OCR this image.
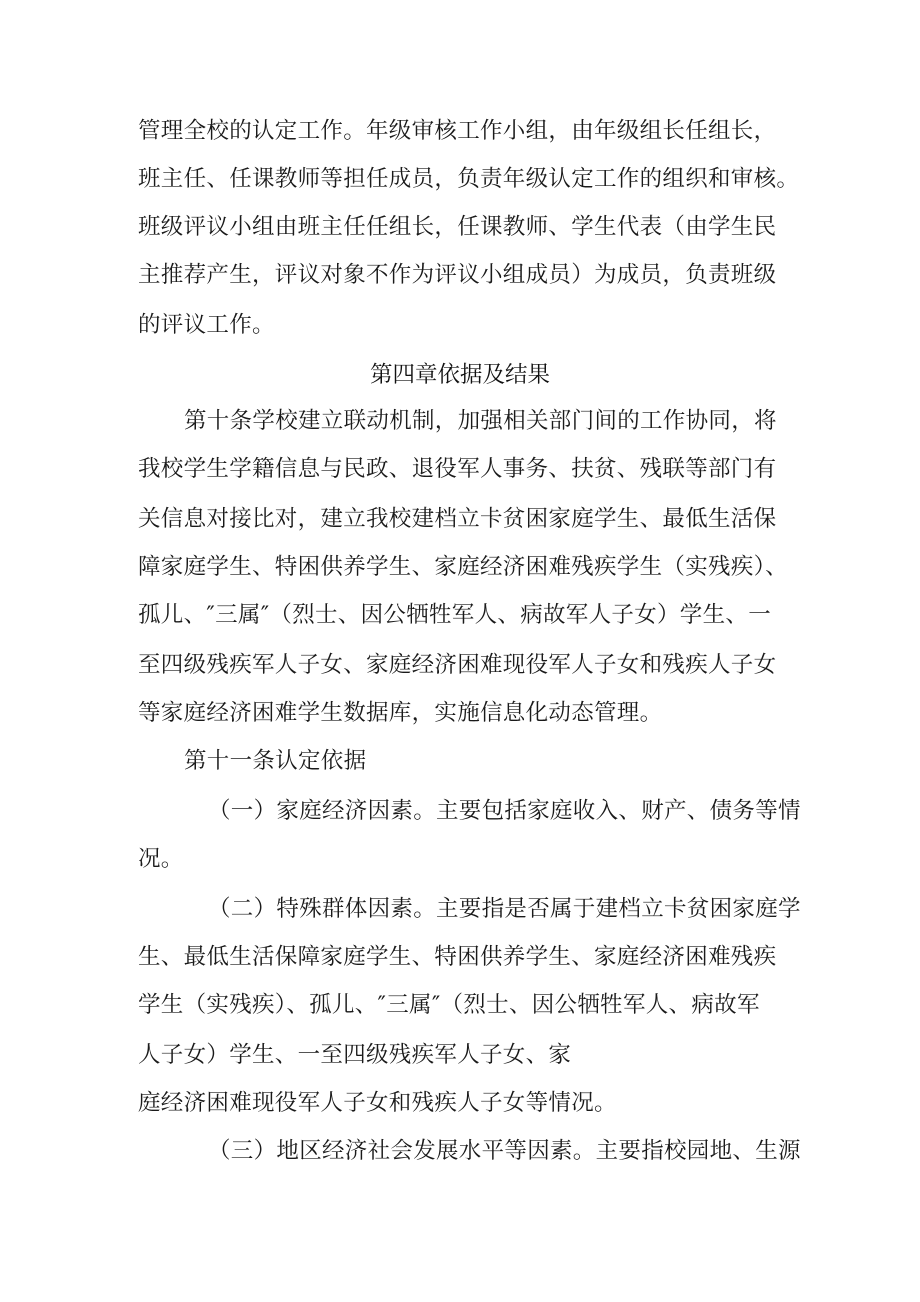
管理全校的认定工作。年级审核工作小组，由年级组长任组长，
班主任、任课教师等担任成员，负责年级认定工作的组织和审核。
班级评议小组由班主任任组长，任课教师、学生代表（由学生民
主推荐产生，评议对象不作为评议小组成员）为成员，负责班级
的评议工作。
第四章依据及结果
第十条学校建立联动机制，加强相关部门间的工作协同，将
我校学生学籍信息与民政、退役军人事务、扶贫、残联等部门有
关信息对接比对，建立我校建档立卡贫困家庭学生、最低生活保
障家庭学生、特困供养学生、家庭经济困难残疾学生（实残疾）、
孤儿、″三属″（烈士、因公牺牲军人、病故军人子女）学生、一
至四级残疾军人子女、家庭经济困难现役军人子女和残疾人子女
等家庭经济困难学生数据库，实施信息化动态管理。
第十一条认定依据
（一）家庭经济因素。主要包括家庭收入、财产、债务等情
况。
（二）特殊群体因素。主要指是否属于建档立卡贫困家庭学
生、最低生活保障家庭学生、特困供养学生、家庭经济困难残疾
学生（实残疾）、孤儿、″三属″（烈士、因公牺牲军人、病故军
人子女）学生、一至四级残疾军人子女、家
庭经济困难现役军人子女和残疾人子女等情况。
（三）地区经济社会发展水平等因素。主要指校园地、生源
